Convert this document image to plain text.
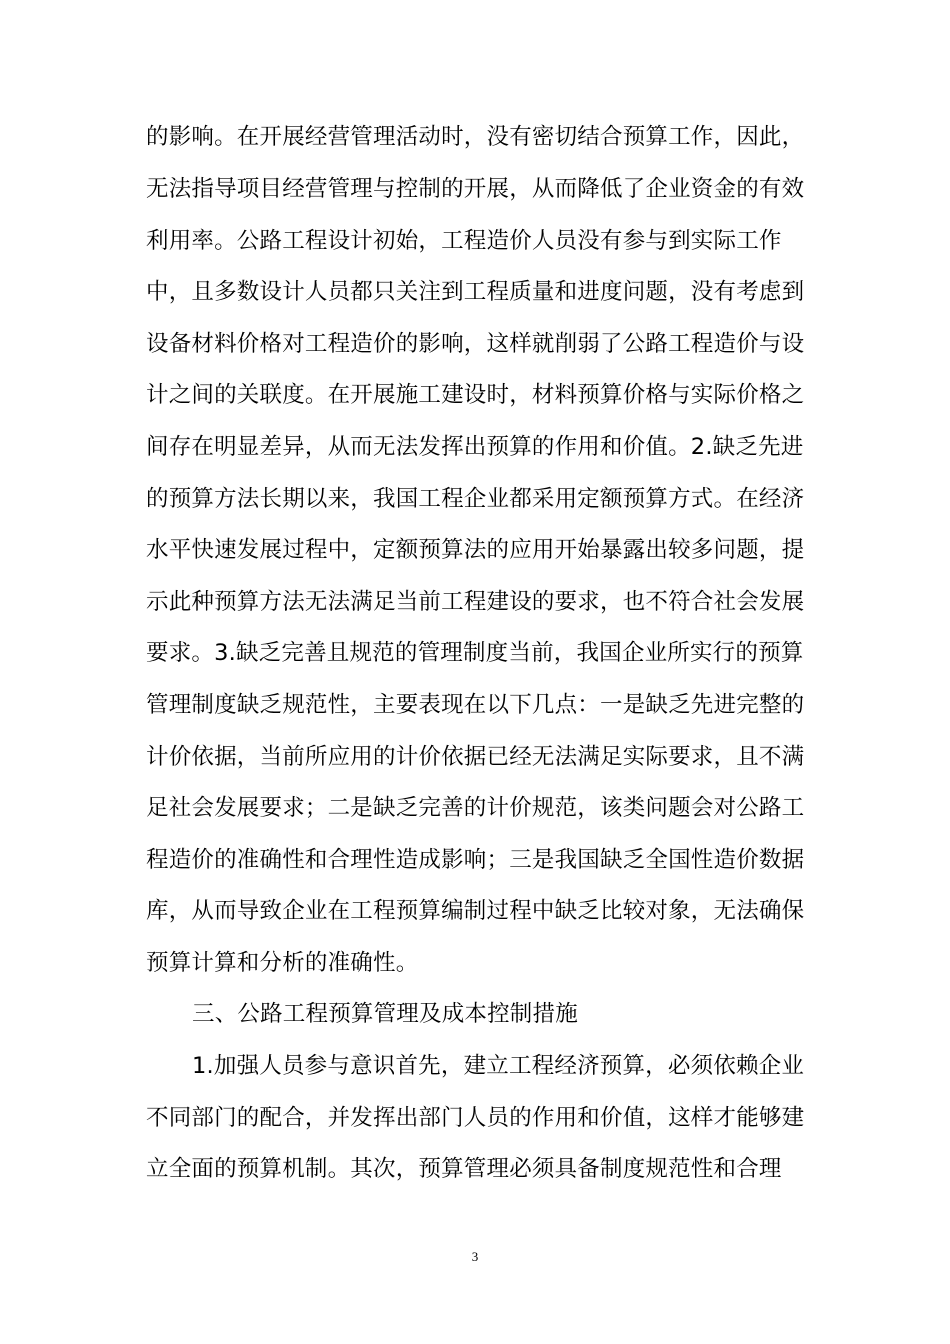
的影响。在开展经营管理活动时，没有密切结合预算工作，因此，
无法指导项目经营管理与控制的开展，从而降低了企业资金的有效
利用率。公路工程设计初始，工程造价人员没有参与到实际工作
中，且多数设计人员都只关注到工程质量和进度问题，没有考虑到
设备材料价格对工程造价的影响，这样就削弱了公路工程造价与设
计之间的关联度。在开展施工建设时，材料预算价格与实际价格之
间存在明显差异，从而无法发挥出预算的作用和价值。2.缺乏先进
的预算方法长期以来，我国工程企业都采用定额预算方式。在经济
水平快速发展过程中，定额预算法的应用开始暴露出较多问题，提
示此种预算方法无法满足当前工程建设的要求，也不符合社会发展
要求。3.缺乏完善且规范的管理制度当前，我国企业所实行的预算
管理制度缺乏规范性，主要表现在以下几点：一是缺乏先进完整的
计价依据，当前所应用的计价依据已经无法满足实际要求，且不满
足社会发展要求；二是缺乏完善的计价规范，该类问题会对公路工
程造价的准确性和合理性造成影响；三是我国缺乏全国性造价数据
库，从而导致企业在工程预算编制过程中缺乏比较对象，无法确保
预算计算和分析的准确性。
三、公路工程预算管理及成本控制措施
1.加强人员参与意识首先，建立工程经济预算，必须依赖企业
不同部门的配合，并发挥出部门人员的作用和价值，这样才能够建
立全面的预算机制。其次，预算管理必须具备制度规范性和合理
3
